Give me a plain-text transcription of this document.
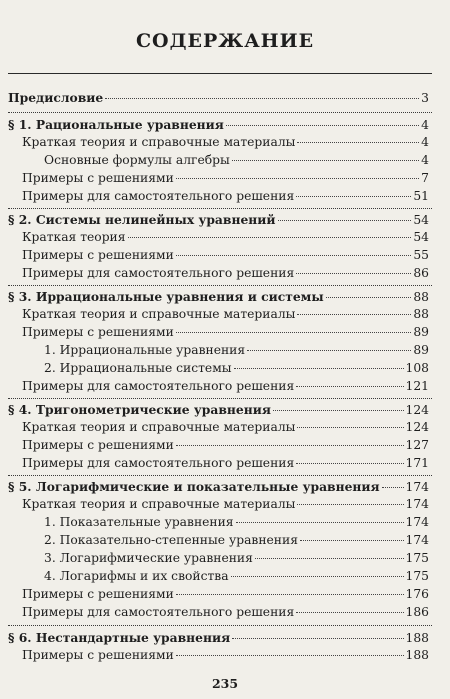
СОДЕРЖАНИЕ
Предисловие	3
§ 1. Рациональные уравнения	4
Краткая теория и справочные материалы	4
Основные формулы алгебры	4
Примеры с решениями	7
Примеры для самостоятельного решения	51
§ 2. Системы нелинейных уравнений	54
Краткая теория	54
Примеры с решениями	55
Примеры для самостоятельного решения	86
§ 3. Иррациональные уравнения и системы	88
Краткая теория и справочные материалы	88
Примеры с решениями	89
1. Иррациональные уравнения	89
2. Иррациональные системы	108
Примеры для самостоятельного решения	121
§ 4. Тригонометрические уравнения	124
Краткая теория и справочные материалы	124
Примеры с решениями	127
Примеры для самостоятельного решения	171
§ 5. Логарифмические и показательные уравнения 174
Краткая теория и справочные материалы	174
1. Показательные уравнения	174
2. Показательно-степенные уравнения	174
3. Логарифмические уравнения	175
4. Логарифмы и их свойства	175
Примеры с решениями	176
Примеры для самостоятельного решения	186
§ 6. Нестандартные уравнения	188
Примеры с решениями	188
235
